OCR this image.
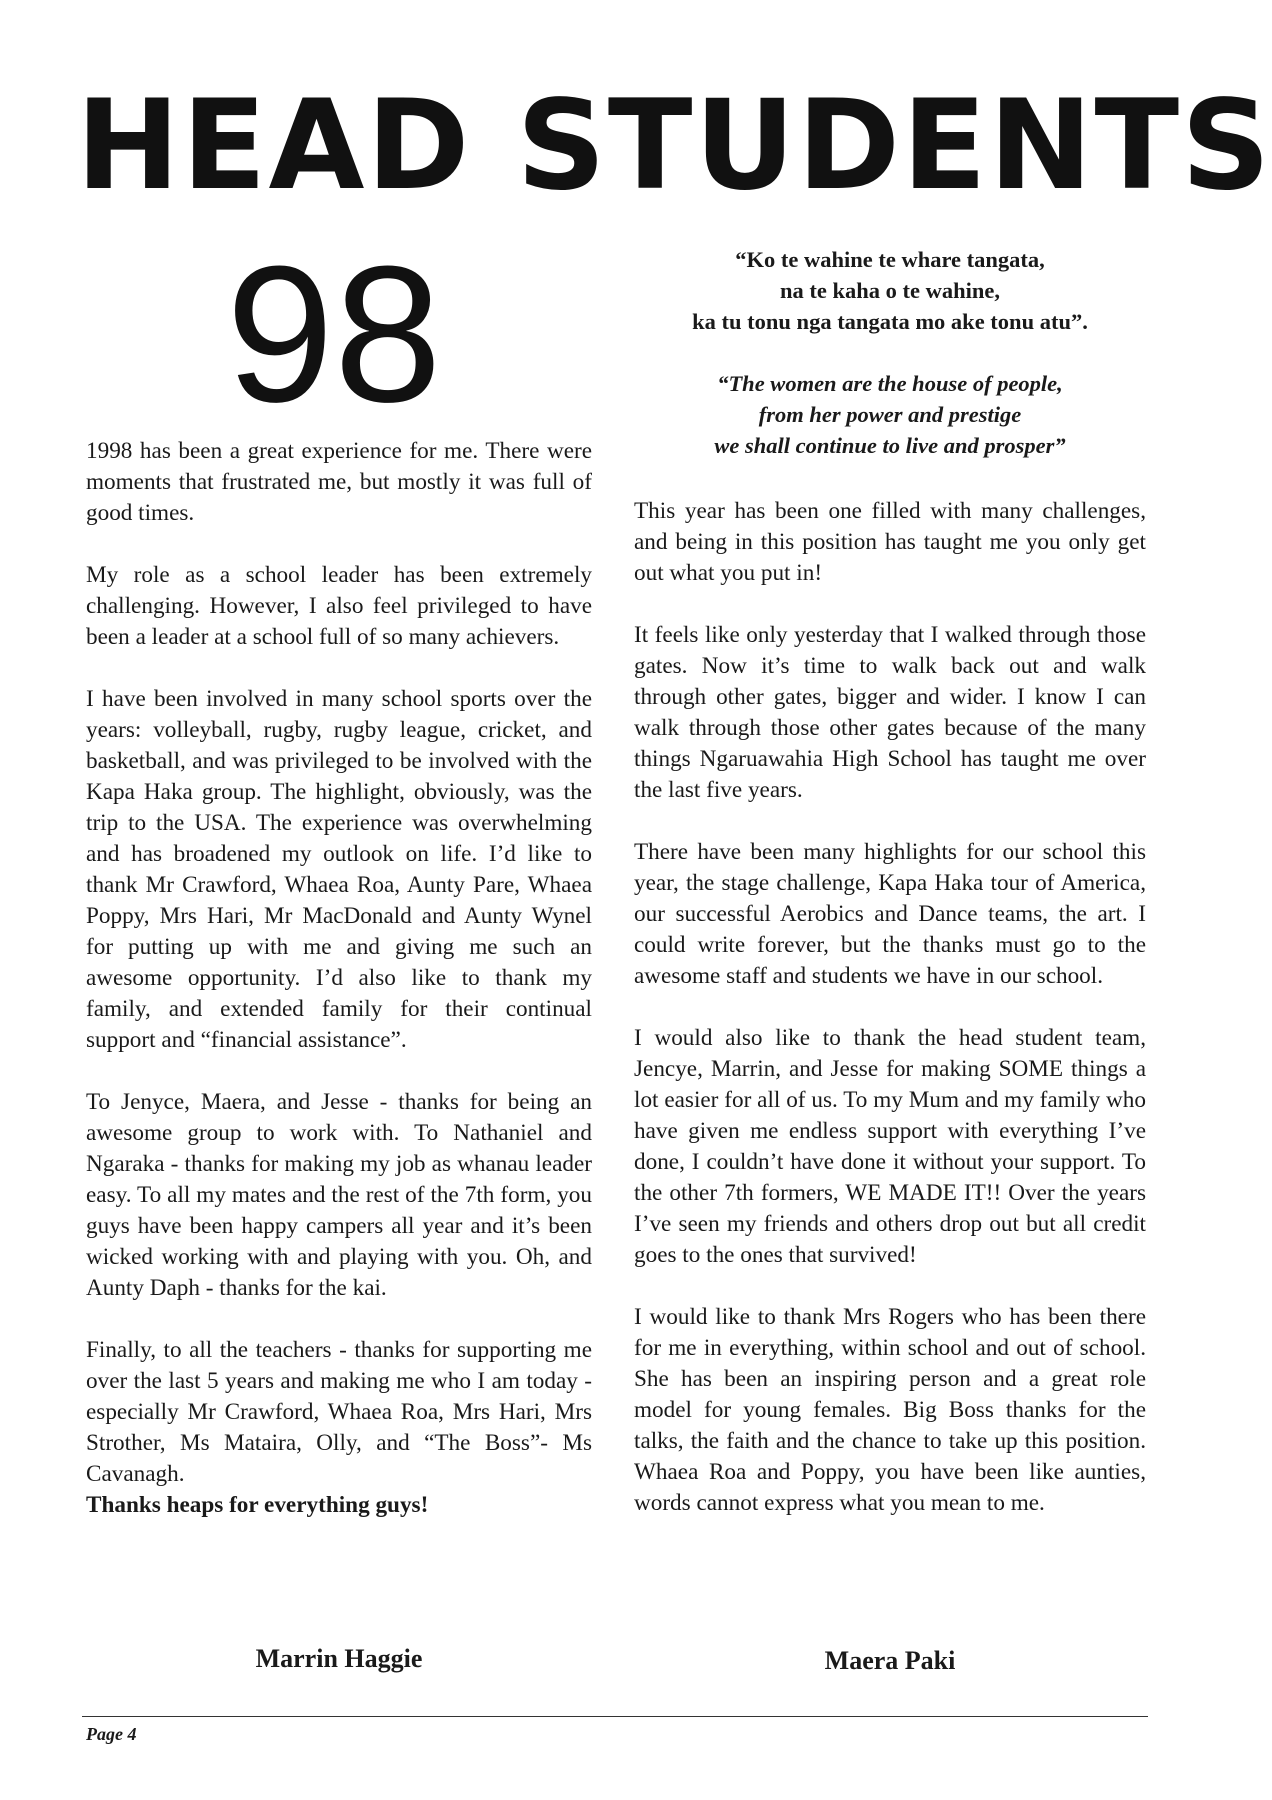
HEAD STUDENTS
98	“Ko te wahine te whare tangata,
na te kaha o te wahine,
ka tu tonu nga tangata mo ake tonu atu”.
“The women are the house of people,
from her power and prestige
we shall continue to live and prosper”

1998 has been a great experience for me. There were moments that frustrated me, but mostly it was full of good times.

My role as a school leader has been extremely challenging. However, I also feel privileged to have been a leader at a school full of so many achievers.

I have been involved in many school sports over the years: volleyball, rugby, rugby league, cricket, and basketball, and was privileged to be involved with the Kapa Haka group. The highlight, obviously, was the trip to the USA. The experience was overwhelming and has broadened my outlook on life. I’d like to thank Mr Crawford, Whaea Roa, Aunty Pare, Whaea Poppy, Mrs Hari, Mr MacDonald and Aunty Wynel for putting up with me and giving me such an awesome opportunity. I’d also like to thank my family, and extended family for their continual support and “financial assistance”.

To Jenyce, Maera, and Jesse - thanks for being an awesome group to work with. To Nathaniel and Ngaraka - thanks for making my job as whanau leader easy. To all my mates and the rest of the 7th form, you guys have been happy campers all year and it’s been wicked working with and playing with you. Oh, and Aunty Daph - thanks for the kai.

Finally, to all the teachers - thanks for supporting me over the last 5 years and making me who I am today - especially Mr Crawford, Whaea Roa, Mrs Hari, Mrs Strother, Ms Mataira, Olly, and “The Boss”- Ms Cavanagh.

Thanks heaps for everything guys!

Marrin Haggie

This year has been one filled with many challenges, and being in this position has taught me you only get out what you put in!

It feels like only yesterday that I walked through those gates. Now it’s time to walk back out and walk through other gates, bigger and wider. I know I can walk through those other gates because of the many things Ngaruawahia High School has taught me over the last five years.

There have been many highlights for our school this year, the stage challenge, Kapa Haka tour of America, our successful Aerobics and Dance teams, the art. I could write forever, but the thanks must go to the awesome staff and students we have in our school.

I would also like to thank the head student team, Jencye, Marrin, and Jesse for making SOME things a lot easier for all of us. To my Mum and my family who have given me endless support with everything I’ve done, I couldn’t have done it without your support. To the other 7th formers, WE MADE IT!! Over the years I’ve seen my friends and others drop out but all credit goes to the ones that survived!

I would like to thank Mrs Rogers who has been there for me in everything, within school and out of school. She has been an inspiring person and a great role model for young females. Big Boss thanks for the talks, the faith and the chance to take up this position. Whaea Roa and Poppy, you have been like aunties, words cannot express what you mean to me.

Maera Paki
Page 4
